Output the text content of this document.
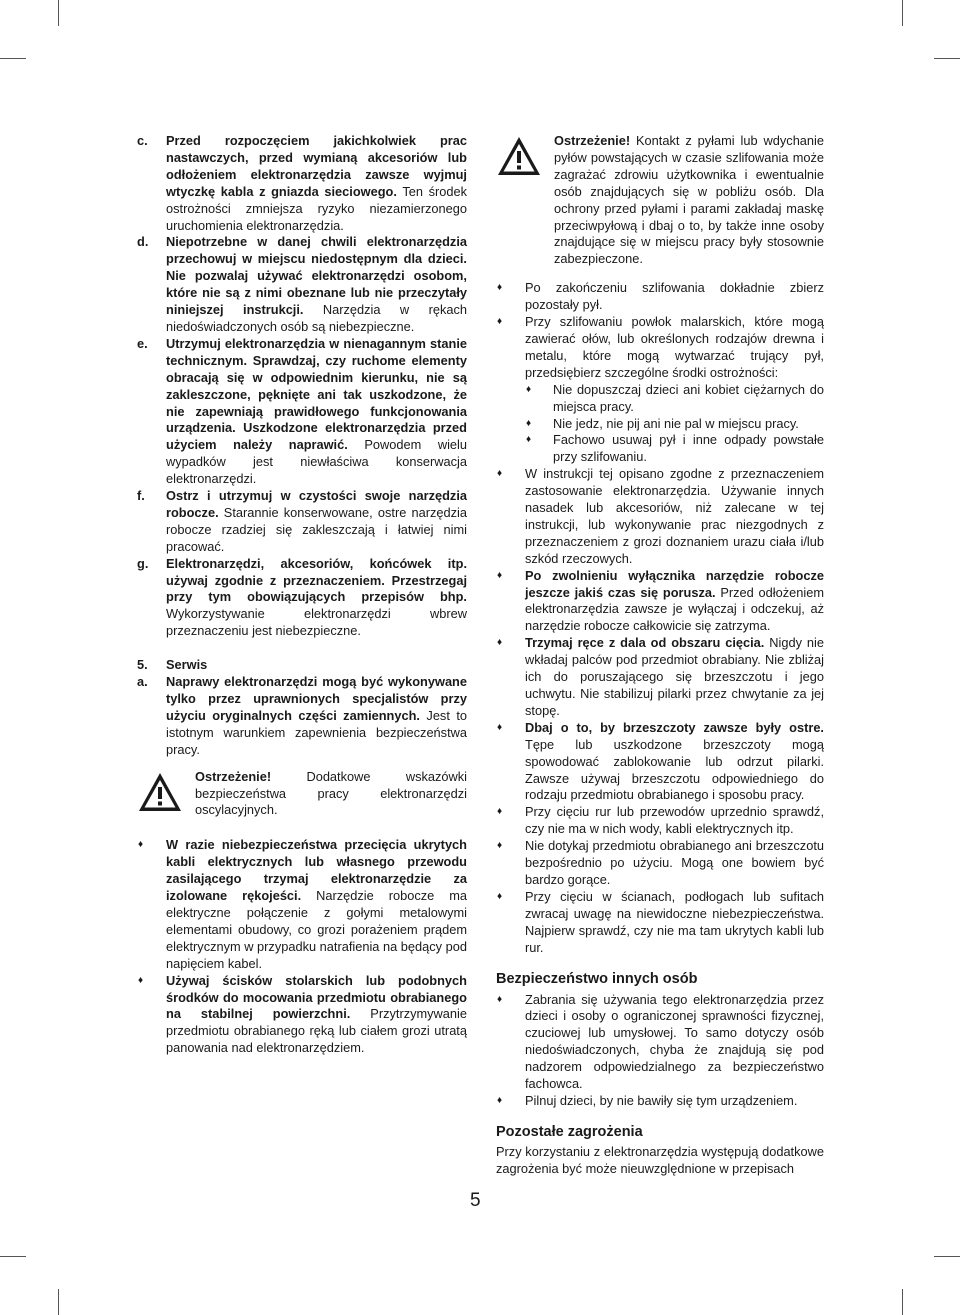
c. Przed rozpoczęciem jakichkolwiek prac nastawczych, przed wymianą akcesoriów lub odłożeniem elektronarzędzia zawsze wyjmuj wtyczkę kabla z gniazda sieciowego. Ten środek ostrożności zmniejsza ryzyko niezamierzonego uruchomienia elektronarzędzia.
d. Niepotrzebne w danej chwili elektronarzędzia przechowuj w miejscu niedostępnym dla dzieci. Nie pozwalaj używać elektronarzędzi osobom, które nie są z nimi obeznane lub nie przeczytały niniejszej instrukcji. Narzędzia w rękach niedoświadczonych osób są niebezpieczne.
e. Utrzymuj elektronarzędzia w nienagannym stanie technicznym. Sprawdzaj, czy ruchome elementy obracają się w odpowiednim kierunku, nie są zakleszczone, pęknięte ani tak uszkodzone, że nie zapewniają prawidłowego funkcjonowania urządzenia. Uszkodzone elektronarzędzia przed użyciem należy naprawić. Powodem wielu wypadków jest niewłaściwa konserwacja elektronarzędzi.
f. Ostrz i utrzymuj w czystości swoje narzędzia robocze. Starannie konserwowane, ostre narzędzia robocze rzadziej się zakleszczają i łatwiej nimi pracować.
g. Elektronarzędzi, akcesoriów, końcówek itp. używaj zgodnie z przeznaczeniem. Przestrzegaj przy tym obowiązujących przepisów bhp. Wykorzystywanie elektronarzędzi wbrew przeznaczeniu jest niebezpieczne.
5. Serwis
a. Naprawy elektronarzędzi mogą być wykonywane tylko przez uprawnionych specjalistów przy użyciu oryginalnych części zamiennych. Jest to istotnym warunkiem zapewnienia bezpieczeństwa pracy.
Ostrzeżenie! Dodatkowe wskazówki bezpieczeństwa pracy elektronarzędzi oscylacyjnych.
♦ W razie niebezpieczeństwa przecięcia ukrytych kabli elektrycznych lub własnego przewodu zasilającego trzymaj elektronarzędzie za izolowane rękojeści. Narzędzie robocze ma elektryczne połączenie z gołymi metalowymi elementami obudowy, co grozi porażeniem prądem elektrycznym w przypadku natrafienia na będący pod napięciem kabel.
♦ Używaj ścisków stolarskich lub podobnych środków do mocowania przedmiotu obrabianego na stabilnej powierzchni. Przytrzymywanie przedmiotu obrabianego ręką lub ciałem grozi utratą panowania nad elektronarzędziem.
Ostrzeżenie! Kontakt z pyłami lub wdychanie pyłów powstających w czasie szlifowania może zagrażać zdrowiu użytkownika i ewentualnie osób znajdujących się w pobliżu osób. Dla ochrony przed pyłami i parami zakładaj maskę przeciwpyłową i dbaj o to, by także inne osoby znajdujące się w miejscu pracy były stosownie zabezpieczone.
♦ Po zakończeniu szlifowania dokładnie zbierz pozostały pył.
♦ Przy szlifowaniu powłok malarskich, które mogą zawierać ołów, lub określonych rodzajów drewna i metalu, które mogą wytwarzać trujący pył, przedsiębierz szczególne środki ostrożności:
♦ Nie dopuszczaj dzieci ani kobiet ciężarnych do miejsca pracy.
♦ Nie jedz, nie pij ani nie pal w miejscu pracy.
♦ Fachowo usuwaj pył i inne odpady powstałe przy szlifowaniu.
♦ W instrukcji tej opisano zgodne z przeznaczeniem zastosowanie elektronarzędzia. Używanie innych nasadek lub akcesoriów, niż zalecane w tej instrukcji, lub wykonywanie prac niezgodnych z przeznaczeniem z grozi doznaniem urazu ciała i/lub szkód rzeczowych.
♦ Po zwolnieniu wyłącznika narzędzie robocze jeszcze jakiś czas się porusza. Przed odłożeniem elektronarzędzia zawsze je wyłączaj i odczekuj, aż narzędzie robocze całkowicie się zatrzyma.
♦ Trzymaj ręce z dala od obszaru cięcia. Nigdy nie wkładaj palców pod przedmiot obrabiany. Nie zbliżaj ich do poruszającego się brzeszczotu i jego uchwytu. Nie stabilizuj pilarki przez chwytanie za jej stopę.
♦ Dbaj o to, by brzeszczoty zawsze były ostre. Tępe lub uszkodzone brzeszczoty mogą spowodować zablokowanie lub odrzut pilarki. Zawsze używaj brzeszczotu odpowiedniego do rodzaju przedmiotu obrabianego i sposobu pracy.
♦ Przy cięciu rur lub przewodów uprzednio sprawdź, czy nie ma w nich wody, kabli elektrycznych itp.
♦ Nie dotykaj przedmiotu obrabianego ani brzeszczotu bezpośrednio po użyciu. Mogą one bowiem być bardzo gorące.
♦ Przy cięciu w ścianach, podłogach lub sufitach zwracaj uwagę na niewidoczne niebezpieczeństwa. Najpierw sprawdź, czy nie ma tam ukrytych kabli lub rur.
Bezpieczeństwo innych osób
♦ Zabrania się używania tego elektronarzędzia przez dzieci i osoby o ograniczonej sprawności fizycznej, czuciowej lub umysłowej. To samo dotyczy osób niedoświadczonych, chyba że znajdują się pod nadzorem odpowiedzialnego za bezpieczeństwo fachowca.
♦ Pilnuj dzieci, by nie bawiły się tym urządzeniem.
Pozostałe zagrożenia
Przy korzystaniu z elektronarzędzia występują dodatkowe zagrożenia być może nieuwzględnione w przepisach
5
